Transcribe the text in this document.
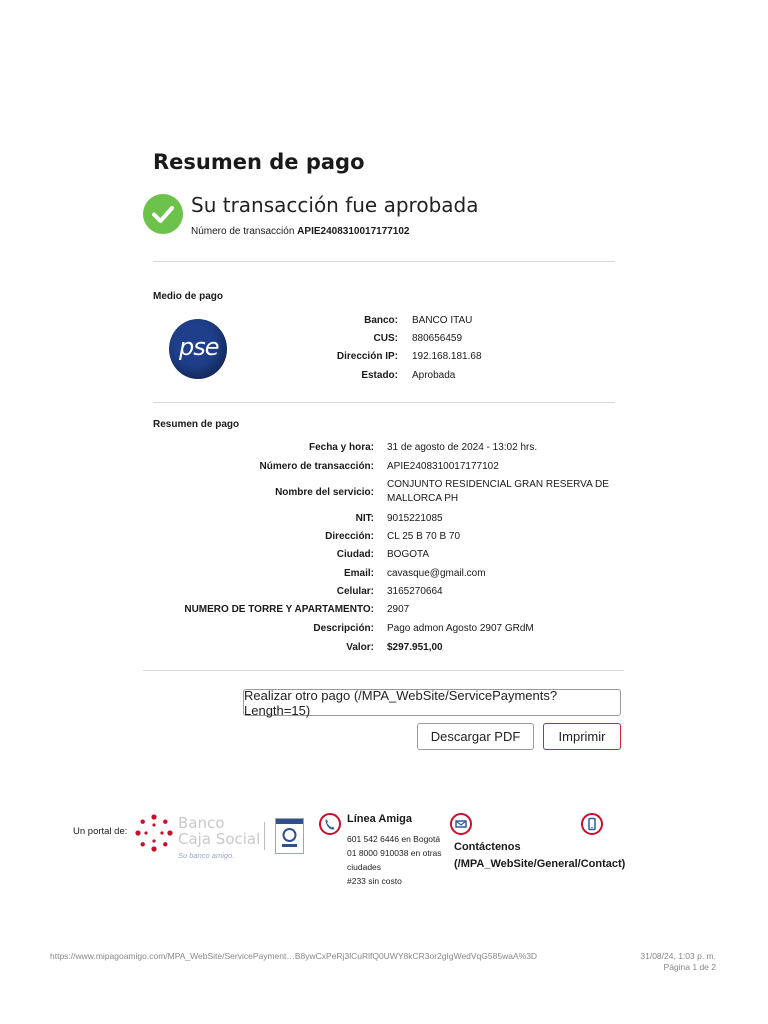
Resumen de pago
Su transacción fue aprobada
Número de transacción APIE2408310017177102
Medio de pago
pse
Banco: BANCO ITAU
CUS: 880656459
Dirección IP: 192.168.181.68
Estado: Aprobada
Resumen de pago
Fecha y hora: 31 de agosto de 2024 - 13:02 hrs.
Número de transacción: APIE2408310017177102
Nombre del servicio:
CONJUNTO RESIDENCIAL GRAN RESERVA DE MALLORCA PH
NIT: 9015221085
Dirección: CL 25 B 70 B 70
Ciudad: BOGOTA
Email: cavasque@gmail.com
Celular: 3165270664
NUMERO DE TORRE Y APARTAMENTO: 2907
Descripción: Pago admon Agosto 2907 GRdM
Valor: $297.951,00
Realizar otro pago (/MPA_WebSite/ServicePayments?Length=15)
Descargar PDF	Imprimir
Un portal de:	Banco
Caja Social
Su banco amigo.
Línea Amiga
601 542 6446 en Bogotá
01 8000 910038 en otras
ciudades
#233 sin costo
Contáctenos
(/MPA_WebSite/General/Contact)
https://www.mipagoamigo.com/MPA_WebSite/ServicePayment…B8ywCxPeRj3lCuRlfQ0UWY8kCR3or2gIgWedVqG585waA%3D	31/08/24, 1:03 p. m.
Página 1 de 2
